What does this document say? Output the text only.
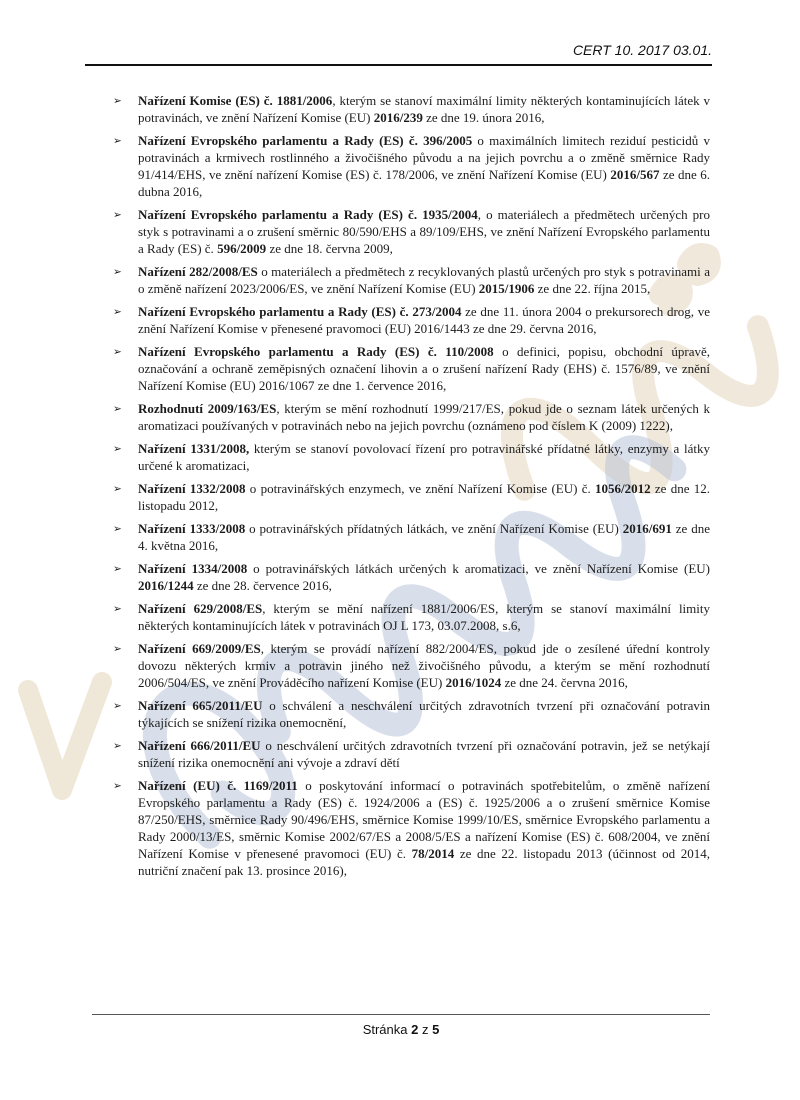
CERT 10. 2017 03.01.
➢ Nařízení Komise (ES) č. 1881/2006, kterým se stanoví maximální limity některých kontaminujících látek v potravinách, ve znění Nařízení Komise (EU) 2016/239 ze dne 19. února 2016,
➢ Nařízení Evropského parlamentu a Rady (ES) č. 396/2005 o maximálních limitech reziduí pesticidů v potravinách a krmivech rostlinného a živočišného původu a na jejich povrchu a o změně směrnice Rady 91/414/EHS, ve znění nařízení Komise (ES) č. 178/2006, ve znění Nařízení Komise (EU) 2016/567 ze dne 6. dubna 2016,
➢ Nařízení Evropského parlamentu a Rady (ES) č. 1935/2004, o materiálech a předmětech určených pro styk s potravinami a o zrušení směrnic 80/590/EHS a 89/109/EHS, ve znění Nařízení Evropského parlamentu a Rady (ES) č. 596/2009 ze dne 18. června 2009,
➢ Nařízení 282/2008/ES o materiálech a předmětech z recyklovaných plastů určených pro styk s potravinami a o změně nařízení 2023/2006/ES, ve znění Nařízení Komise (EU) 2015/1906 ze dne 22. října 2015,
➢ Nařízení Evropského parlamentu a Rady (ES) č. 273/2004 ze dne 11. února 2004 o prekursorech drog, ve znění Nařízení Komise v přenesené pravomoci (EU) 2016/1443 ze dne 29. června 2016,
➢ Nařízení Evropského parlamentu a Rady (ES) č. 110/2008 o definici, popisu, obchodní úpravě, označování a ochraně zeměpisných označení lihovin a o zrušení nařízení Rady (EHS) č. 1576/89, ve znění Nařízení Komise (EU) 2016/1067 ze dne 1. července 2016,
➢ Rozhodnutí 2009/163/ES, kterým se mění rozhodnutí 1999/217/ES, pokud jde o seznam látek určených k aromatizaci používaných v potravinách nebo na jejich povrchu (oznámeno pod číslem K (2009) 1222),
➢ Nařízení 1331/2008, kterým se stanoví povolovací řízení pro potravinářské přídatné látky, enzymy a látky určené k aromatizaci,
➢ Nařízení 1332/2008 o potravinářských enzymech, ve znění Nařízení Komise (EU) č. 1056/2012 ze dne 12. listopadu 2012,
➢ Nařízení 1333/2008 o potravinářských přídatných látkách, ve znění Nařízení Komise (EU) 2016/691 ze dne 4. května 2016,
➢ Nařízení 1334/2008 o potravinářských látkách určených k aromatizaci, ve znění Nařízení Komise (EU) 2016/1244 ze dne 28. července 2016,
➢ Nařízení 629/2008/ES, kterým se mění nařízení 1881/2006/ES, kterým se stanoví maximální limity některých kontaminujících látek v potravinách OJ L 173, 03.07.2008, s.6,
➢ Nařízení 669/2009/ES, kterým se provádí nařízení 882/2004/ES, pokud jde o zesílené úřední kontroly dovozu některých krmiv a potravin jiného než živočišného původu, a kterým se mění rozhodnutí 2006/504/ES, ve znění Prováděcího nařízení Komise (EU) 2016/1024 ze dne 24. června 2016,
➢ Nařízení 665/2011/EU o schválení a neschválení určitých zdravotních tvrzení při označování potravin týkajících se snížení rizika onemocnění,
➢ Nařízení 666/2011/EU o neschválení určitých zdravotních tvrzení při označování potravin, jež se netýkají snížení rizika onemocnění ani vývoje a zdraví dětí
➢ Nařízení (EU) č. 1169/2011 o poskytování informací o potravinách spotřebitelům, o změně nařízení Evropského parlamentu a Rady (ES) č. 1924/2006 a (ES) č. 1925/2006 a o zrušení směrnice Komise 87/250/EHS, směrnice Rady 90/496/EHS, směrnice Komise 1999/10/ES, směrnice Evropského parlamentu a Rady 2000/13/ES, směrnic Komise 2002/67/ES a 2008/5/ES a nařízení Komise (ES) č. 608/2004, ve znění Nařízení Komise v přenesené pravomoci (EU) č. 78/2014 ze dne 22. listopadu 2013 (účinnost od 2014, nutriční značení pak 13. prosince 2016),
Stránka 2 z 5
